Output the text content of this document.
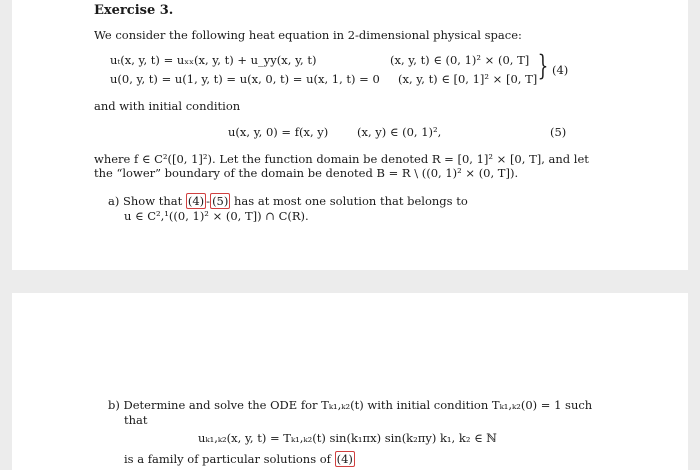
Exercise 3.
We consider the following heat equation in 2-dimensional physical space:
uₜ(x, y, t) = uₓₓ(x, y, t) + u_yy(x, y, t)	(x, y, t) ∈ (0, 1)² × (0, T]
u(0, y, t) = u(1, y, t) = u(x, 0, t) = u(x, 1, t) = 0 (x, y, t) ∈ [0, 1]² × [0, T] } (4)
and with initial condition
u(x, y, 0) = f(x, y)	(x, y) ∈ (0, 1)²,	(5)
where f ∈ C²([0, 1]²). Let the function domain be denoted R = [0, 1]² × [0, T], and let
the “lower” boundary of the domain be denoted B = R \ ((0, 1)² × (0, T]).
a) Show that (4) - (5) has at most one solution that belongs to
u ∈ C²,¹((0, 1)² × (0, T]) ∩ C(R).
b) Determine and solve the ODE for Tₖ₁,ₖ₂(t) with initial condition Tₖ₁,ₖ₂(0) = 1 such
that
uₖ₁,ₖ₂(x, y, t) = Tₖ₁,ₖ₂(t) sin(k₁πx) sin(k₂πy) k₁, k₂ ∈ ℕ
is a family of particular solutions of (4)
